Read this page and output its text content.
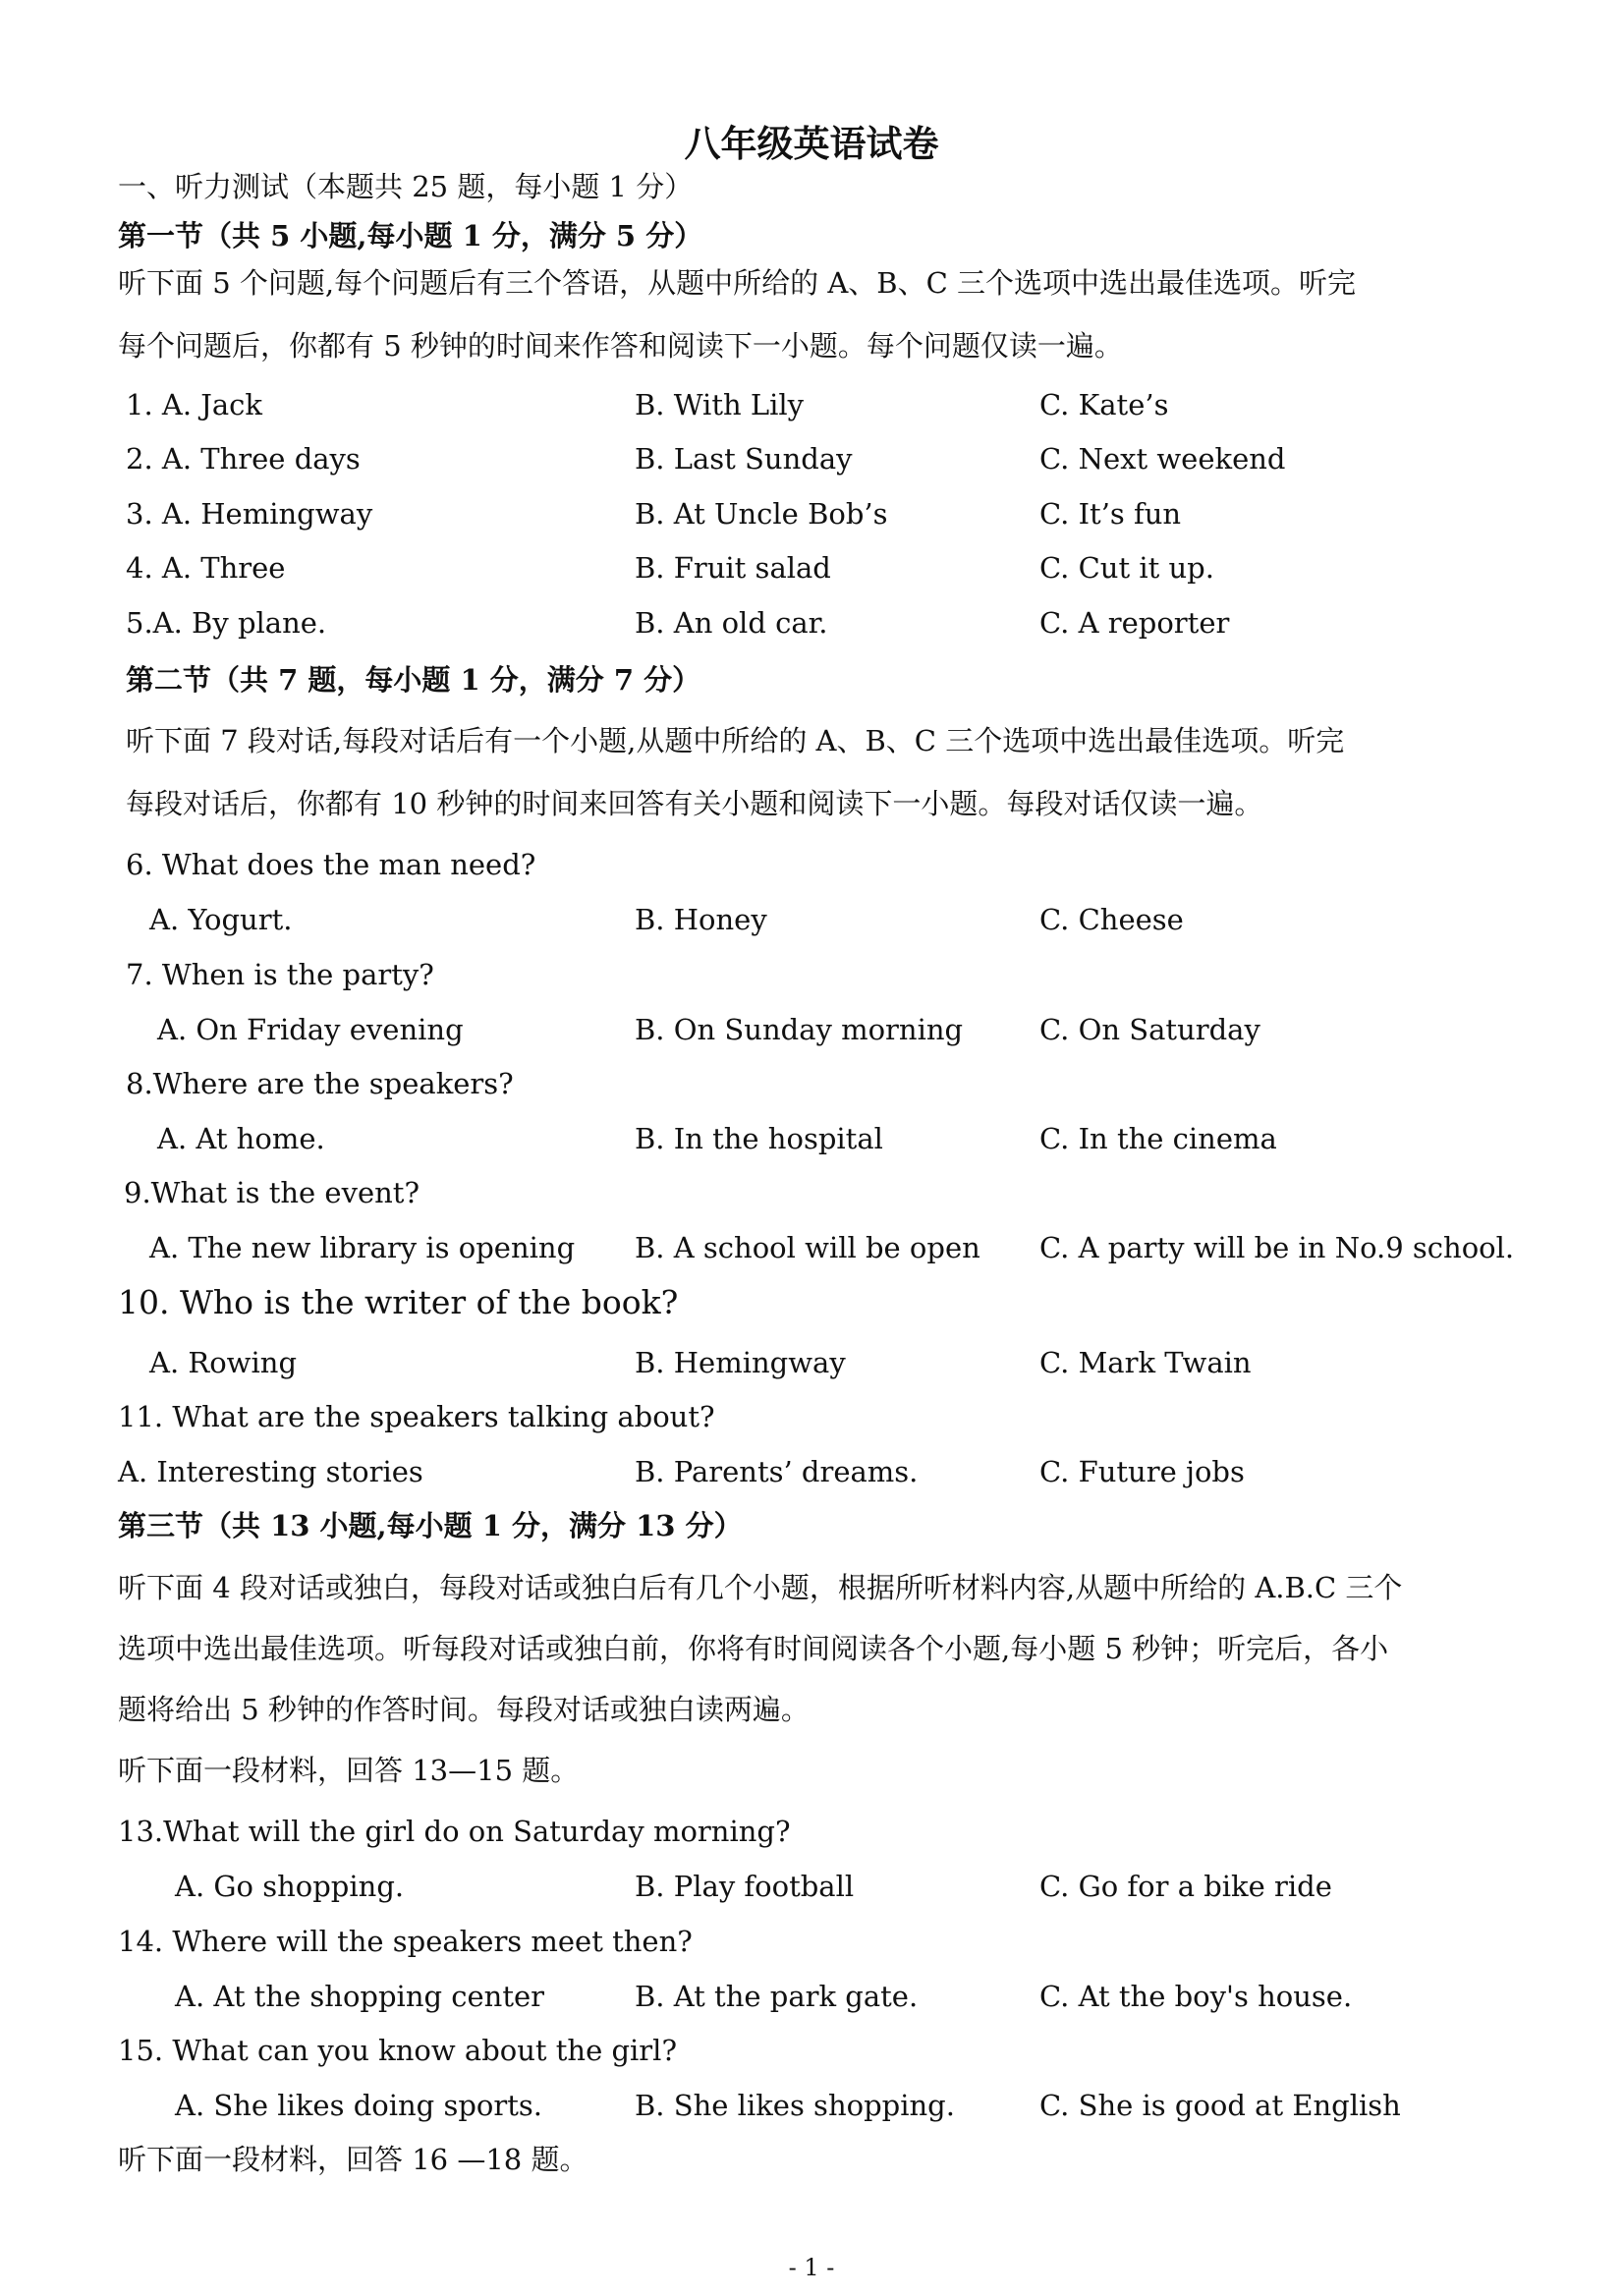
八年级英语试卷
一、听力测试（本题共 25 题，每小题 1 分）
第一节（共 5 小题,每小题 1 分，满分 5 分）
听下面 5 个问题,每个问题后有三个答语，从题中所给的 A、B、C 三个选项中选出最佳选项。听完
每个问题后，你都有 5 秒钟的时间来作答和阅读下一小题。每个问题仅读一遍。
1. A. Jack	B. With Lily	C. Kate’s
2. A. Three days	B. Last Sunday	C. Next weekend
3. A. Hemingway	B. At Uncle Bob’s	C. It’s fun
4. A. Three	B. Fruit salad	C. Cut it up.
5.A. By plane.	B. An old car.	C. A reporter
第二节（共 7 题，每小题 1 分，满分 7 分）
听下面 7 段对话,每段对话后有一个小题,从题中所给的 A、B、C 三个选项中选出最佳选项。听完
每段对话后，你都有 10 秒钟的时间来回答有关小题和阅读下一小题。每段对话仅读一遍。
6. What does the man need?
A. Yogurt.	B. Honey	C. Cheese
7. When is the party?
A. On Friday evening	B. On Sunday morning	C. On Saturday
8.Where are the speakers?
A. At home.	B. In the hospital	C. In the cinema
9.What is the event?
A. The new library is opening B. A school will be open C. A party will be in No.9 school.
10. Who is the writer of the book?
A. Rowing	B. Hemingway	C. Mark Twain
11. What are the speakers talking about?
A. Interesting stories	B. Parents’ dreams.	C. Future jobs
第三节（共 13 小题,每小题 1 分，满分 13 分）
听下面 4 段对话或独白，每段对话或独白后有几个小题，根据所听材料内容,从题中所给的 A.B.C 三个
选项中选出最佳选项。听每段对话或独白前，你将有时间阅读各个小题,每小题 5 秒钟；听完后，各小
题将给出 5 秒钟的作答时间。每段对话或独白读两遍。
听下面一段材料，回答 13—15 题。
13.What will the girl do on Saturday morning?
A. Go shopping.	B. Play football	C. Go for a bike ride
14. Where will the speakers meet then?
A. At the shopping center	B. At the park gate.	C. At the boy's house.
15. What can you know about the girl?
A. She likes doing sports.	B. She likes shopping.	C. She is good at English
听下面一段材料，回答 16 —18 题。
- 1 -
